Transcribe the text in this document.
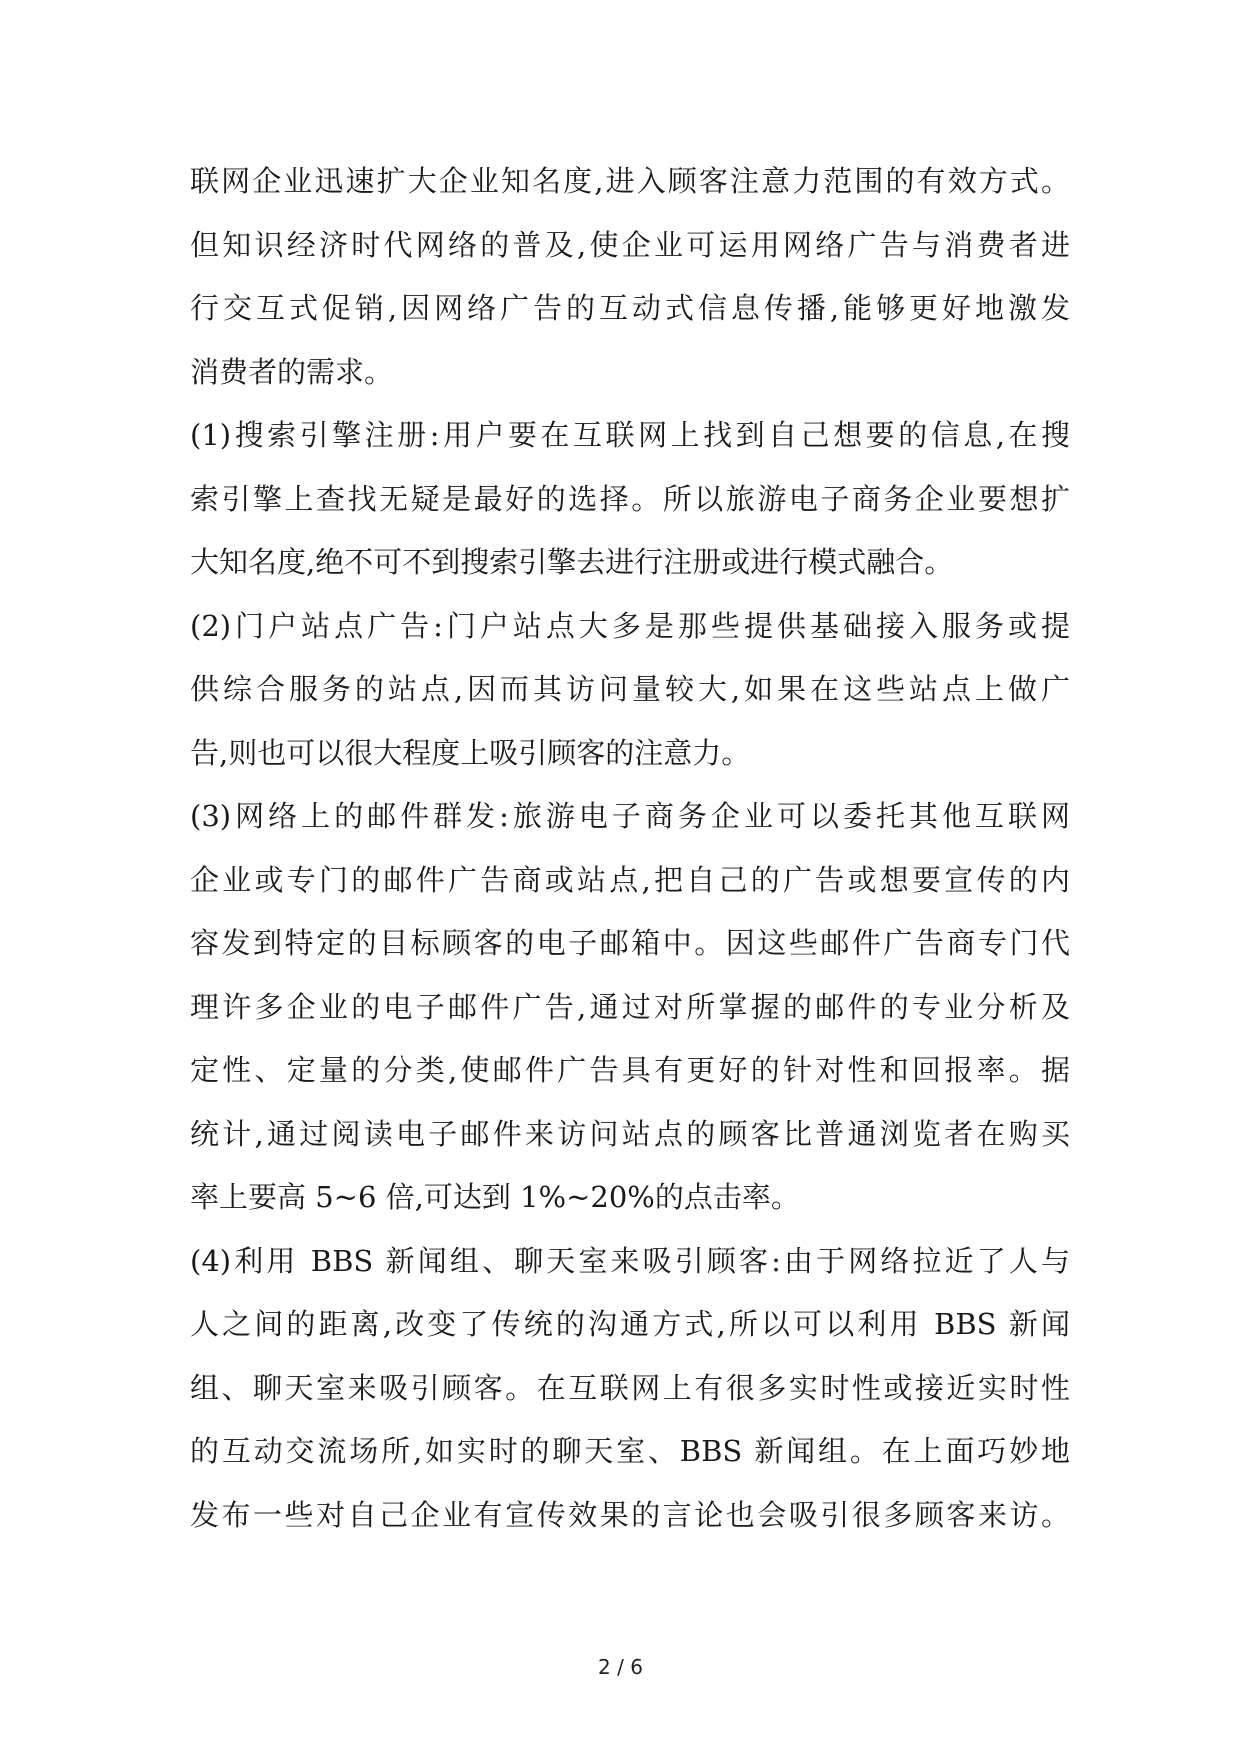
联网企业迅速扩大企业知名度,进入顾客注意力范围的有效方式。
但知识经济时代网络的普及,使企业可运用网络广告与消费者进
行交互式促销,因网络广告的互动式信息传播,能够更好地激发
消费者的需求。
(1)搜索引擎注册:用户要在互联网上找到自己想要的信息,在搜
索引擎上查找无疑是最好的选择。所以旅游电子商务企业要想扩
大知名度,绝不可不到搜索引擎去进行注册或进行模式融合。
(2)门户站点广告:门户站点大多是那些提供基础接入服务或提
供综合服务的站点,因而其访问量较大,如果在这些站点上做广
告,则也可以很大程度上吸引顾客的注意力。
(3)网络上的邮件群发:旅游电子商务企业可以委托其他互联网
企业或专门的邮件广告商或站点,把自己的广告或想要宣传的内
容发到特定的目标顾客的电子邮箱中。因这些邮件广告商专门代
理许多企业的电子邮件广告,通过对所掌握的邮件的专业分析及
定性、定量的分类,使邮件广告具有更好的针对性和回报率。据
统计,通过阅读电子邮件来访问站点的顾客比普通浏览者在购买
率上要高 5~6 倍,可达到 1%~20%的点击率。
(4)利用 BBS 新闻组、聊天室来吸引顾客:由于网络拉近了人与
人之间的距离,改变了传统的沟通方式,所以可以利用 BBS 新闻
组、聊天室来吸引顾客。在互联网上有很多实时性或接近实时性
的互动交流场所,如实时的聊天室、BBS 新闻组。在上面巧妙地
发布一些对自己企业有宣传效果的言论也会吸引很多顾客来访。
2 / 6
